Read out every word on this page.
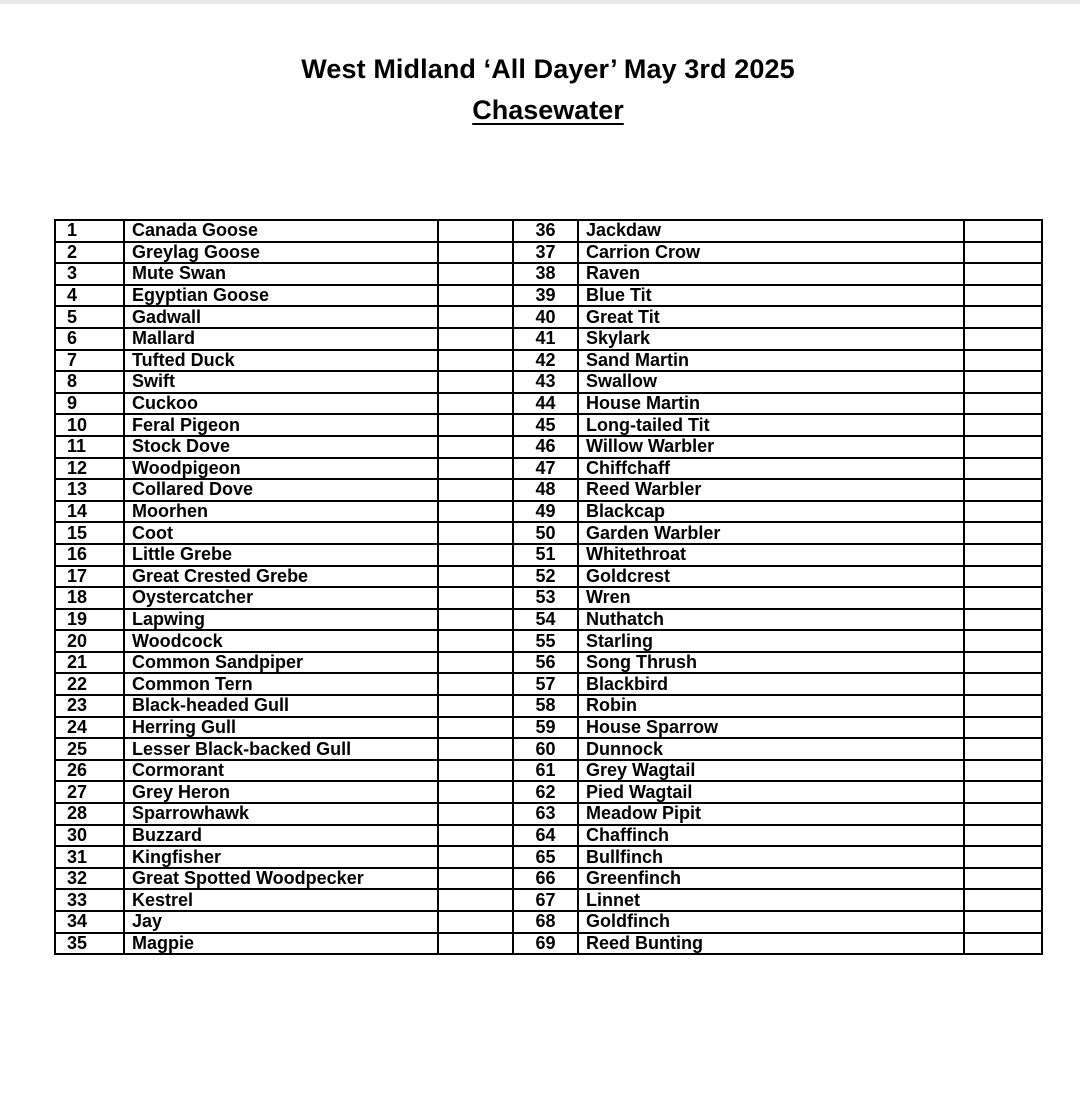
West Midland ‘All Dayer’ May 3rd 2025
Chasewater
1	Canada Goose		36	Jackdaw	
2	Greylag Goose		37	Carrion Crow	
3	Mute Swan		38	Raven	
4	Egyptian Goose		39	Blue Tit	
5	Gadwall		40	Great Tit	
6	Mallard		41	Skylark	
7	Tufted Duck		42	Sand Martin	
8	Swift		43	Swallow	
9	Cuckoo		44	House Martin	
10	Feral Pigeon		45	Long-tailed Tit	
11	Stock Dove		46	Willow Warbler	
12	Woodpigeon		47	Chiffchaff	
13	Collared Dove		48	Reed Warbler	
14	Moorhen		49	Blackcap	
15	Coot		50	Garden Warbler	
16	Little Grebe		51	Whitethroat	
17	Great Crested Grebe		52	Goldcrest	
18	Oystercatcher		53	Wren	
19	Lapwing		54	Nuthatch	
20	Woodcock		55	Starling	
21	Common Sandpiper		56	Song Thrush	
22	Common Tern		57	Blackbird	
23	Black-headed Gull		58	Robin	
24	Herring Gull		59	House Sparrow	
25	Lesser Black-backed Gull		60	Dunnock	
26	Cormorant		61	Grey Wagtail	
27	Grey Heron		62	Pied Wagtail	
28	Sparrowhawk		63	Meadow Pipit	
30	Buzzard		64	Chaffinch	
31	Kingfisher		65	Bullfinch	
32	Great Spotted Woodpecker		66	Greenfinch	
33	Kestrel		67	Linnet	
34	Jay		68	Goldfinch	
35	Magpie		69	Reed Bunting	
